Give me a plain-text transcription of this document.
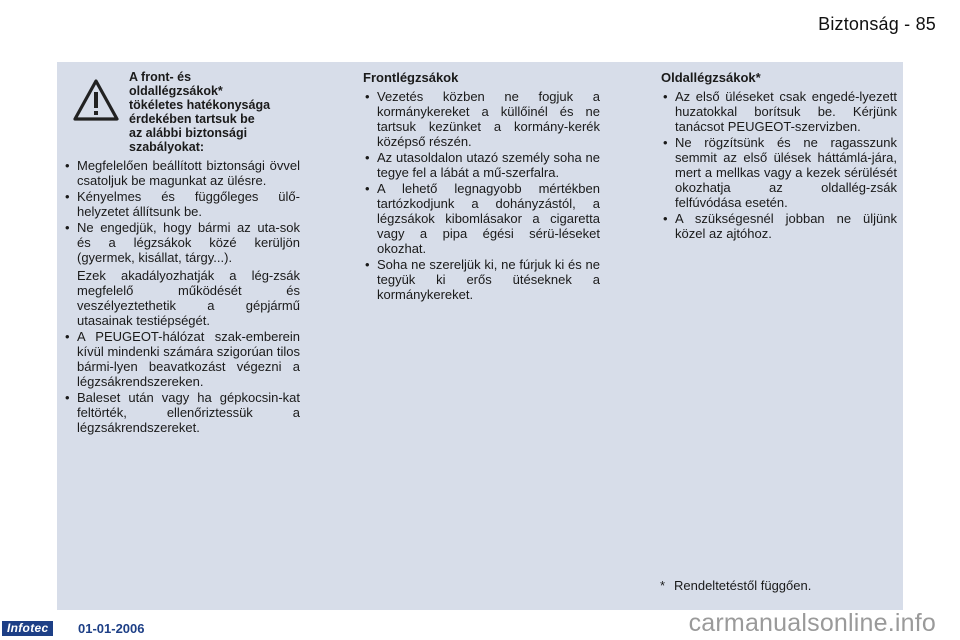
Biztonság - 85
A front- és
oldallégzsákok*
tökéletes hatékonysága
érdekében tartsuk be
az alábbi biztonsági
szabályokat:
• Megfelelően beállított biztonsági övvel csatoljuk be magunkat az ülésre.
• Kényelmes és függőleges ülő-helyzetet állítsunk be.
• Ne engedjük, hogy bármi az uta-sok és a légzsákok közé kerüljön (gyermek, kisállat, tárgy...).
Ezek akadályozhatják a lég-zsák megfelelő működését és veszélyeztethetik a gépjármű utasainak testiépségét.
• A PEUGEOT-hálózat szak-emberein kívül mindenki számára szigorúan tilos bármi-lyen beavatkozást végezni a légzsákrendszereken.
• Baleset után vagy ha gépkocsin-kat feltörték, ellenőriztessük a légzsákrendszereket.
Frontlégzsákok
• Vezetés közben ne fogjuk a kormánykereket a küllőinél és ne tartsuk kezünket a kormány-kerék középső részén.
• Az utasoldalon utazó személy soha ne tegye fel a lábát a mű-szerfalra.
• A lehető legnagyobb mértékben tartózkodjunk a dohányzástól, a légzsákok kibomlásakor a cigaretta vagy a pipa égési sérü-léseket okozhat.
• Soha ne szereljük ki, ne fúrjuk ki és ne tegyük ki erős ütéseknek a kormánykereket.
Oldallégzsákok*
• Az első üléseket csak engedé-lyezett huzatokkal borítsuk be. Kérjünk tanácsot PEUGEOT-szervizben.
• Ne rögzítsünk és ne ragasszunk semmit az első ülések háttámlá-jára, mert a mellkas vagy a kezek sérülését okozhatja az oldallég-zsák felfúvódása esetén.
• A szükségesnél jobban ne üljünk közel az ajtóhoz.
* Rendeltetéstől függően.
Infotec	01-01-2006	carmanualsonline.info
